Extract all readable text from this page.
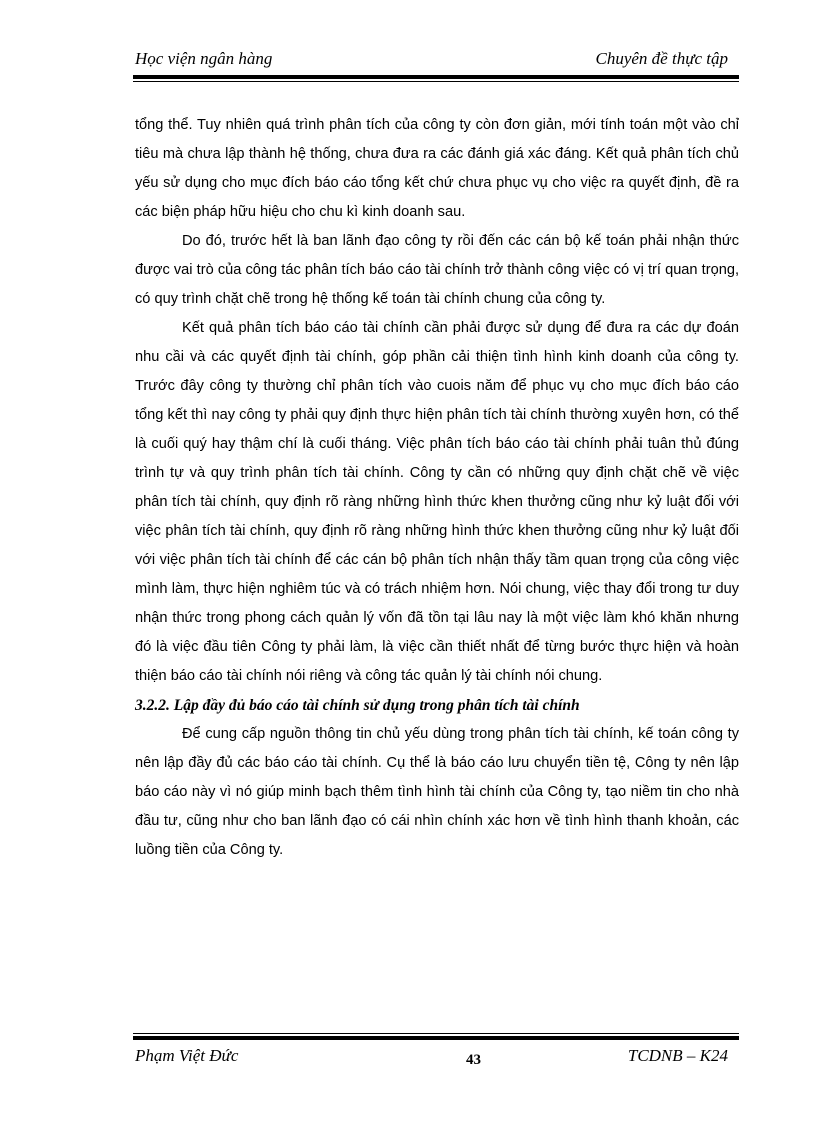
Học viện ngân hàng	Chuyên đề thực tập

tổng thể. Tuy nhiên quá trình phân tích của công ty còn đơn giản, mới tính toán một vào chỉ tiêu mà chưa lập thành hệ thống, chưa đưa ra các đánh giá xác đáng. Kết quả phân tích chủ yếu sử dụng cho mục đích báo cáo tổng kết chứ chưa phục vụ cho việc ra quyết định, đề ra các biện pháp hữu hiệu cho chu kì kinh doanh sau.

Do đó, trước hết là ban lãnh đạo công ty rồi đến các cán bộ kế toán phải nhận thức được vai trò của công tác phân tích báo cáo tài chính trở thành công việc có vị trí quan trọng, có quy trình chặt chẽ trong hệ thống kế toán tài chính chung của công ty.

Kết quả phân tích báo cáo tài chính cần phải được sử dụng để đưa ra các dự đoán nhu cầi và các quyết định tài chính, góp phần cải thiện tình hình kinh doanh của công ty. Trước đây công ty thường chỉ phân tích vào cuois năm để phục vụ cho mục đích báo cáo tổng kết thì nay công ty phải quy định thực hiện phân tích tài chính thường xuyên hơn, có thể là cuối quý hay thậm chí là cuối tháng. Việc phân tích báo cáo tài chính phải tuân thủ đúng trình tự và quy trình phân tích tài chính. Công ty cần có những quy định chặt chẽ về việc phân tích tài chính, quy định rõ ràng những hình thức khen thưởng cũng như kỷ luật đối với việc phân tích tài chính, quy định rõ ràng những hình thức khen thưởng cũng như kỷ luật đối với việc phân tích tài chính để các cán bộ phân tích nhận thấy tầm quan trọng của công việc mình làm, thực hiện nghiêm túc và có trách nhiệm hơn. Nói chung, việc thay đổi trong tư duy nhận thức trong phong cách quản lý vốn đã tồn tại lâu nay là một việc làm khó khăn nhưng đó là việc đầu tiên Công ty phải làm, là việc cần thiết nhất để từng bước thực hiện và hoàn thiện báo cáo tài chính nói riêng và công tác quản lý tài chính nói chung.

3.2.2. Lập đầy đủ báo cáo tài chính sử dụng trong phân tích tài chính

Để cung cấp nguồn thông tin chủ yếu dùng trong phân tích tài chính, kế toán công ty nên lập đầy đủ các báo cáo tài chính. Cụ thể là báo cáo lưu chuyển tiền tệ, Công ty nên lập báo cáo này vì nó giúp minh bạch thêm tình hình tài chính của Công ty, tạo niềm tin cho nhà đầu tư, cũng như cho ban lãnh đạo có cái nhìn chính xác hơn về tình hình thanh khoản, các luồng tiền của Công ty.

Phạm Việt Đức	43	TCDNB – K24
